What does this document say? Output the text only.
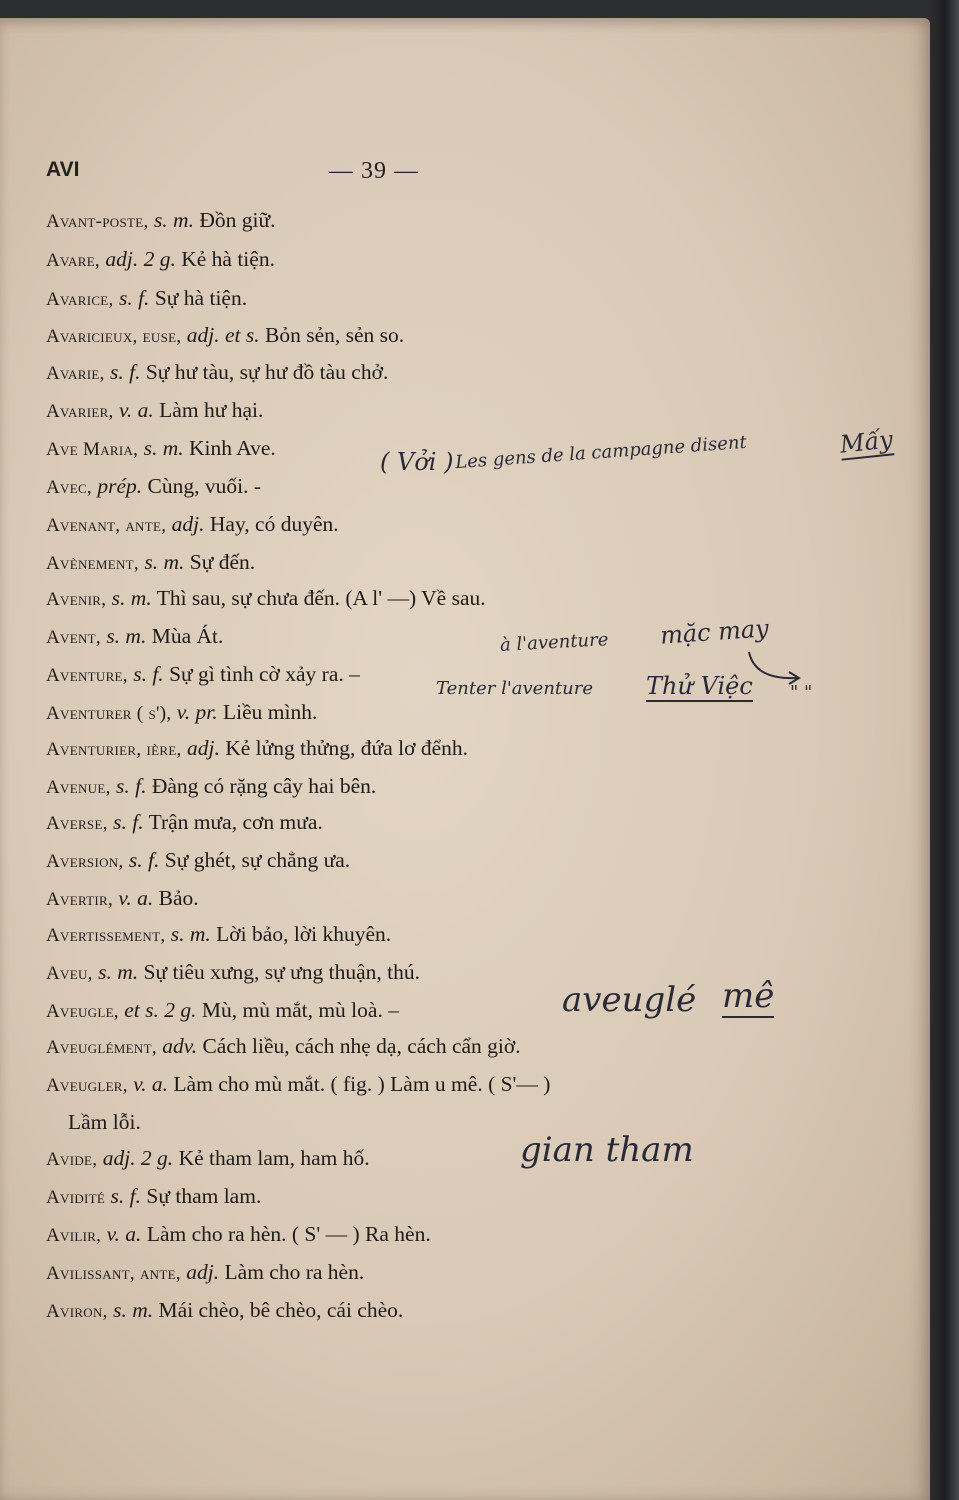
AVI	— 39 —
Avant-poste, s. m. Đồn giữ.
Avare, adj. 2 g. Kẻ hà tiện.
Avarice, s. f. Sự hà tiện.
Avaricieux, euse, adj. et s. Bỏn sẻn, sẻn so.
Avarie, s. f. Sự hư tàu, sự hư đồ tàu chở.
Avarier, v. a. Làm hư hại.
Ave Maria, s. m. Kinh Ave.
Avec, prép. Cùng, vuối. -
Avenant, ante, adj. Hay, có duyên.
Avènement, s. m. Sự đến.
Avenir, s. m. Thì sau, sự chưa đến. (A l' —) Về sau.
Avent, s. m. Mùa Át.
Aventure, s. f. Sự gì tình cờ xảy ra. –
Aventurer ( s'), v. pr. Liều mình.
Aventurier, ière, adj. Kẻ lửng thửng, đứa lơ đểnh.
Avenue, s. f. Đàng có rặng cây hai bên.
Averse, s. f. Trận mưa, cơn mưa.
Aversion, s. f. Sự ghét, sự chẳng ưa.
Avertir, v. a. Bảo.
Avertissement, s. m. Lời bảo, lời khuyên.
Aveu, s. m. Sự tiêu xưng, sự ưng thuận, thú.
Aveugle, et s. 2 g. Mù, mù mắt, mù loà. –
Aveuglément, adv. Cách liều, cách nhẹ dạ, cách cẩn giờ.
Aveugler, v. a. Làm cho mù mắt. ( fig. ) Làm u mê. ( S'— )
Lầm lỗi.
Avide, adj. 2 g. Kẻ tham lam, ham hố.
Avidité s. f. Sự tham lam.
Avilir, v. a. Làm cho ra hèn. ( S' — ) Ra hèn.
Avilissant, ante, adj. Làm cho ra hèn.
Aviron, s. m. Mái chèo, bê chèo, cái chèo.
( Vởi ) Les gens de la campagne disent	Mấy
à l'aventure mặc may
Tenter l'aventure Thử Việc " "
aveuglé mê
gian tham
